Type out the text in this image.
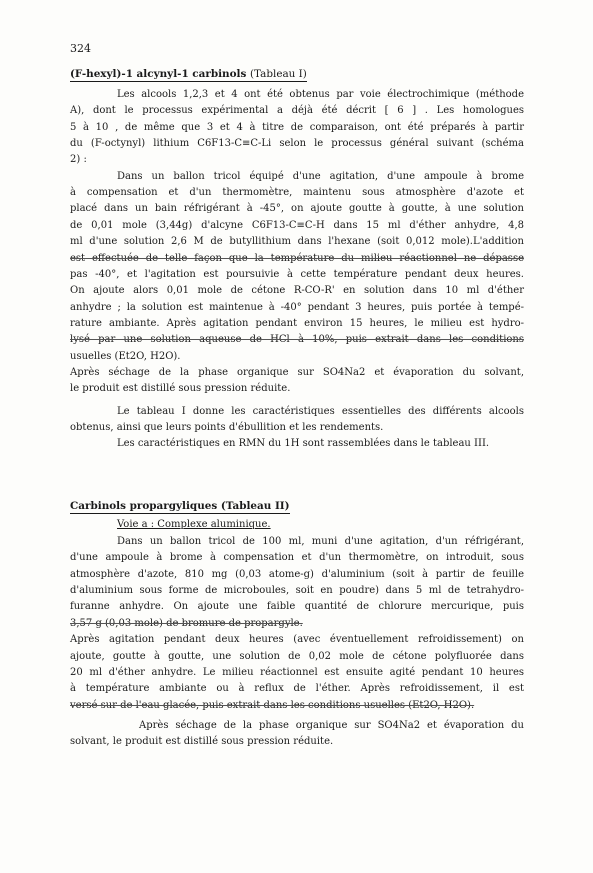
324
(F-hexyl)-1 alcynyl-1 carbinols (Tableau I)
Les alcools 1,2,3 et 4 ont été obtenus par voie électrochimique (méthode
A), dont le processus expérimental a déjà été décrit [ 6 ] . Les homologues
5 à 10 , de même que 3 et 4 à titre de comparaison, ont été préparés à partir
du (F-octynyl) lithium C6F13-C≡C-Li selon le processus général suivant (schéma
2) :
Dans un ballon tricol équipé d'une agitation, d'une ampoule à brome
à compensation et d'un thermomètre, maintenu sous atmosphère d'azote et
placé dans un bain réfrigérant à -45°, on ajoute goutte à goutte, à une solution
de 0,01 mole (3,44g) d'alcyne C6F13-C≡C-H dans 15 ml d'éther anhydre, 4,8
ml d'une solution 2,6 M de butyllithium dans l'hexane (soit 0,012 mole).L'addition
est effectuée de telle façon que la température du milieu réactionnel ne dépasse
pas -40°, et l'agitation est poursuivie à cette température pendant deux heures.
On ajoute alors 0,01 mole de cétone R-CO-R' en solution dans 10 ml d'éther
anhydre ; la solution est maintenue à -40° pendant 3 heures, puis portée à tempé-
rature ambiante. Après agitation pendant environ 15 heures, le milieu est hydro-
lysé par une solution aqueuse de HCl à 10%, puis extrait dans les conditions
usuelles (Et2O, H2O).
Après séchage de la phase organique sur SO4Na2 et évaporation du solvant,
le produit est distillé sous pression réduite.
Le tableau I donne les caractéristiques essentielles des différents alcools
obtenus, ainsi que leurs points d'ébullition et les rendements.
Les caractéristiques en RMN du 1H sont rassemblées dans le tableau III.
Carbinols propargyliques (Tableau II)
Voie a : Complexe aluminique.
Dans un ballon tricol de 100 ml, muni d'une agitation, d'un réfrigérant,
d'une ampoule à brome à compensation et d'un thermomètre, on introduit, sous
atmosphère d'azote, 810 mg (0,03 atome-g) d'aluminium (soit à partir de feuille
d'aluminium sous forme de microboules, soit en poudre) dans 5 ml de tetrahydro-
furanne anhydre. On ajoute une faible quantité de chlorure mercurique, puis
3,57 g (0,03 mole) de bromure de propargyle.
Après agitation pendant deux heures (avec éventuellement refroidissement) on
ajoute, goutte à goutte, une solution de 0,02 mole de cétone polyfluorée dans
20 ml d'éther anhydre. Le milieu réactionnel est ensuite agité pendant 10 heures
à température ambiante ou à reflux de l'éther. Après refroidissement, il est
versé sur de l'eau glacée, puis extrait dans les conditions usuelles (Et2O, H2O).
Après séchage de la phase organique sur SO4Na2 et évaporation du
solvant, le produit est distillé sous pression réduite.
